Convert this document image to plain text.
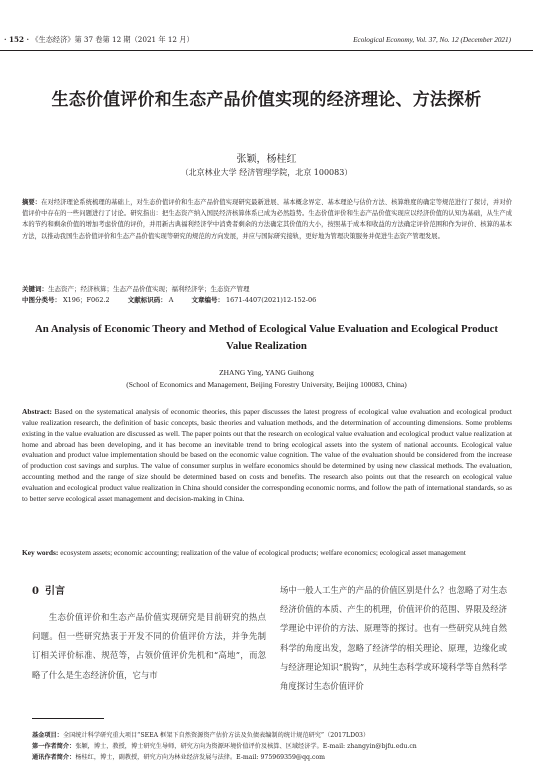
· 152 · 《生态经济》第 37 卷第 12 期（2021 年 12 月）	Ecological Economy, Vol. 37, No. 12 (December 2021)
生态价值评价和生态产品价值实现的经济理论、方法探析
张颖，杨桂红
（北京林业大学 经济管理学院，北京 100083）
摘要：在对经济理论系统梳理的基础上，对生态价值评价和生态产品价值实现研究最新进展、基本概念界定、基本理论与估价方法、核算维度的确定等规范进行了探讨，并对价值评价中存在的一些问题进行了讨论。研究指出：把生态资产纳入国民经济核算体系已成为必然趋势。生态价值评价和生态产品价值实现应以经济价值的认知为基础，从生产成本的节约和剩余价值的增加考虑价值的评价，并用新古典福利经济学中消费者剩余的方法确定其价值的大小，按照基于成本和收益的方法确定评价范围和作为评价、核算的基本方法，以推动我国生态价值评价和生态产品价值实现等研究的规范的方向发展，并应与国际研究接轨，更好地为管理决策服务并促进生态资产管理发展。
关键词：生态资产；经济核算；生态产品价值实现；福利经济学；生态资产管理
中图分类号： X196；F062.2	文献标识码： A	文章编号： 1671-4407(2021)12-152-06
An Analysis of Economic Theory and Method of Ecological Value Evaluation and Ecological Product Value Realization
ZHANG Ying, YANG Guihong
(School of Economics and Management, Beijing Forestry University, Beijing 100083, China)
Abstract: Based on the systematical analysis of economic theories, this paper discusses the latest progress of ecological value evaluation and ecological product value realization research, the definition of basic concepts, basic theories and valuation methods, and the determination of accounting dimensions. Some problems existing in the value evaluation are discussed as well. The paper points out that the research on ecological value evaluation and ecological product value realization at home and abroad has been developing, and it has become an inevitable trend to bring ecological assets into the system of national accounts. Ecological value evaluation and product value implementation should be based on the economic value cognition. The value of the evaluation should be considered from the increase of production cost savings and surplus. The value of consumer surplus in welfare economics should be determined by using new classical methods. The evaluation, accounting method and the range of size should be determined based on costs and benefits. The research also points out that the research on ecological value evaluation and ecological product value realization in China should consider the corresponding economic norms, and follow the path of international standards, so as to better serve ecological asset management and decision-making in China.
Key words: ecosystem assets; economic accounting; realization of the value of ecological products; welfare economics; ecological asset management
0 引言

生态价值评价和生态产品价值实现研究是目前研究的热点问题。但一些研究热衷于开发不同的价值评价方法，并争先制订相关评价标准、规范等，占领价值评价先机和“高地”，而忽略了什么是生态经济价值，它与市

场中一般人工生产的产品的价值区别是什么？也忽略了对生态经济价值的本质、产生的机理，价值评价的范围、界限及经济学理论中评价的方法、原理等的探讨。也有一些研究从纯自然科学的角度出发，忽略了经济学的相关理论、原理，边缘化或与经济理论知识“脱钩”，从纯生态科学或环境科学等自然科学角度探讨生态价值评价

基金项目：全国统计科学研究重大项目“SEEA 框架下自然资源资产估价方法及负债表编制的统计规范研究”（2017LD03）
第一作者简介：张颖，博士，教授，博士研究生导师，研究方向为资源环境价值评价及核算、区域经济学。E-mail: zhangyin@bjfu.edu.cn
通讯作者简介：杨桂红，博士，副教授，研究方向为林业经济发展与法律。E-mail: 975969359@qq.com
